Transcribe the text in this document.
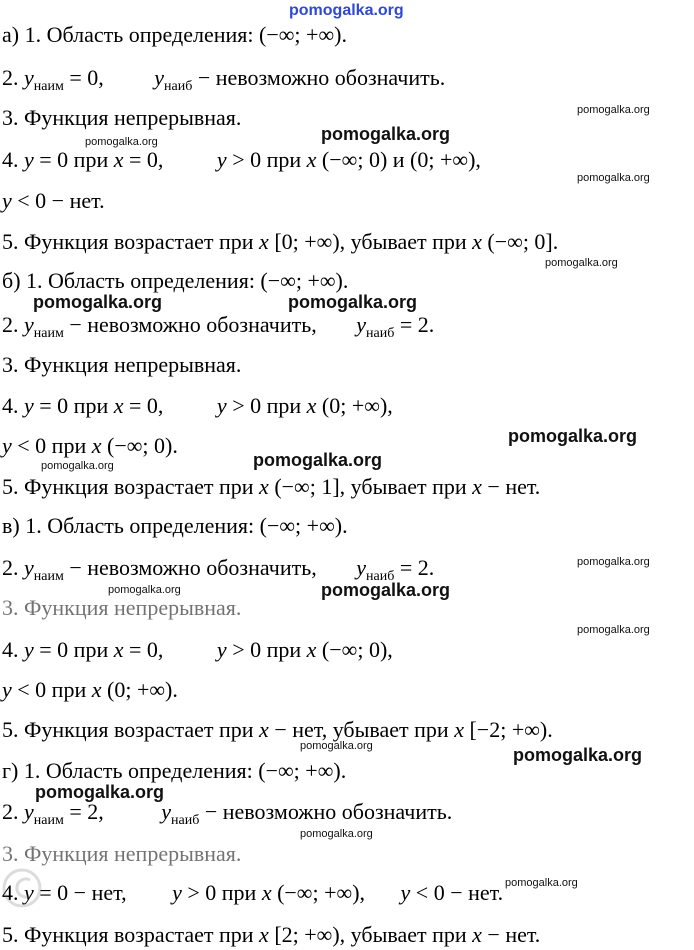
pomogalka.org
а) 1. Область определения: (−∞; +∞).
2. $y_{наим} = 0$, $y_{наиб}$ − невозможно обозначить.
3. Функция непрерывная.
4. y = 0 при x = 0, y > 0 при x (−∞; 0) и (0; +∞),
y < 0 − нет.
5. Функция возрастает при x [0; +∞), убывает при x (−∞; 0].
б) 1. Область определения: (−∞; +∞).
2. $y_{наим}$ − невозможно обозначить, $y_{наиб} = 2$.
3. Функция непрерывная.
4. y = 0 при x = 0, y > 0 при x (0; +∞),
y < 0 при x (−∞; 0).
5. Функция возрастает при x (−∞; 1], убывает при x − нет.
в) 1. Область определения: (−∞; +∞).
2. $y_{наим}$ − невозможно обозначить, $y_{наиб} = 2$.
3. Функция непрерывная.
4. y = 0 при x = 0, y > 0 при x (−∞; 0),
y < 0 при x (0; +∞).
5. Функция возрастает при x − нет, убывает при x [−2; +∞).
г) 1. Область определения: (−∞; +∞).
2. $y_{наим} = 2$,	$y_{наиб}$ − невозможно обозначить.
3. Функция непрерывная.
4. y = 0 − нет, y > 0 при x (−∞; +∞), y < 0 − нет.
5. Функция возрастает при x [2; +∞), убывает при x − нет.
pomogalka.org
pomogalka.org
pomogalka.org
pomogalka.org
pomogalka.org
pomogalka.org	pomogalka.org
pomogalka.org
pomogalka.org
pomogalka.org
pomogalka.org
pomogalka.org
pomogalka.org
pomogalka.org
pomogalka.org	pomogalka.org
pomogalka.org
pomogalka.org
pomogalka.org
